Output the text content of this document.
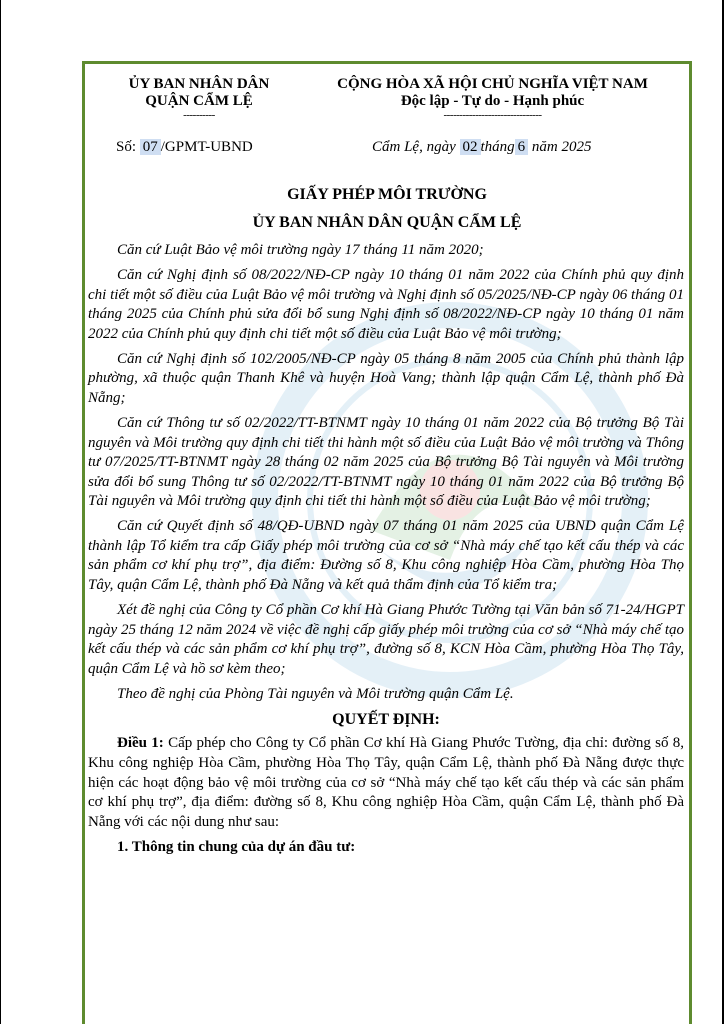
ỦY BAN NHÂN DÂN
QUẬN CẨM LỆ
----------
CỘNG HÒA XÃ HỘI CHỦ NGHĨA VIỆT NAM
Độc lập - Tự do - Hạnh phúc
-------------------------------
Số: 07 /GPMT-UBND	Cẩm Lệ, ngày 02 tháng 6 năm 2025
GIẤY PHÉP MÔI TRƯỜNG
ỦY BAN NHÂN DÂN QUẬN CẨM LỆ

Căn cứ Luật Bảo vệ môi trường ngày 17 tháng 11 năm 2020;

Căn cứ Nghị định số 08/2022/NĐ-CP ngày 10 tháng 01 năm 2022 của Chính phủ quy định chi tiết một số điều của Luật Bảo vệ môi trường và Nghị định số 05/2025/NĐ-CP ngày 06 tháng 01 tháng 2025 của Chính phủ sửa đổi bổ sung Nghị định số 08/2022/NĐ-CP ngày 10 tháng 01 năm 2022 của Chính phủ quy định chi tiết một số điều của Luật Bảo vệ môi trường;

Căn cứ Nghị định số 102/2005/NĐ-CP ngày 05 tháng 8 năm 2005 của Chính phủ thành lập phường, xã thuộc quận Thanh Khê và huyện Hoà Vang; thành lập quận Cẩm Lệ, thành phố Đà Nẵng;

Căn cứ Thông tư số 02/2022/TT-BTNMT ngày 10 tháng 01 năm 2022 của Bộ trưởng Bộ Tài nguyên và Môi trường quy định chi tiết thi hành một số điều của Luật Bảo vệ môi trường và Thông tư 07/2025/TT-BTNMT ngày 28 tháng 02 năm 2025 của Bộ trưởng Bộ Tài nguyên và Môi trường sửa đổi bổ sung Thông tư số 02/2022/TT-BTNMT ngày 10 tháng 01 năm 2022 của Bộ trưởng Bộ Tài nguyên và Môi trường quy định chi tiết thi hành một số điều của Luật Bảo vệ môi trường;

Căn cứ Quyết định số 48/QĐ-UBND ngày 07 tháng 01 năm 2025 của UBND quận Cẩm Lệ thành lập Tổ kiểm tra cấp Giấy phép môi trường của cơ sở “Nhà máy chế tạo kết cấu thép và các sản phẩm cơ khí phụ trợ”, địa điểm: Đường số 8, Khu công nghiệp Hòa Cầm, phường Hòa Thọ Tây, quận Cẩm Lệ, thành phố Đà Nẵng và kết quả thẩm định của Tổ kiểm tra;

Xét đề nghị của Công ty Cổ phần Cơ khí Hà Giang Phước Tường tại Văn bản số 71-24/HGPT ngày 25 tháng 12 năm 2024 về việc đề nghị cấp giấy phép môi trường của cơ sở “Nhà máy chế tạo kết cấu thép và các sản phẩm cơ khí phụ trợ”, đường số 8, KCN Hòa Cầm, phường Hòa Thọ Tây, quận Cẩm Lệ và hồ sơ kèm theo;

Theo đề nghị của Phòng Tài nguyên và Môi trường quận Cẩm Lệ.

QUYẾT ĐỊNH:

Điều 1: Cấp phép cho Công ty Cổ phần Cơ khí Hà Giang Phước Tường, địa chỉ: đường số 8, Khu công nghiệp Hòa Cầm, phường Hòa Thọ Tây, quận Cẩm Lệ, thành phố Đà Nẵng được thực hiện các hoạt động bảo vệ môi trường của cơ sở “Nhà máy chế tạo kết cấu thép và các sản phẩm cơ khí phụ trợ”, địa điểm: đường số 8, Khu công nghiệp Hòa Cầm, quận Cẩm Lệ, thành phố Đà Nẵng với các nội dung như sau:

1. Thông tin chung của dự án đầu tư:
